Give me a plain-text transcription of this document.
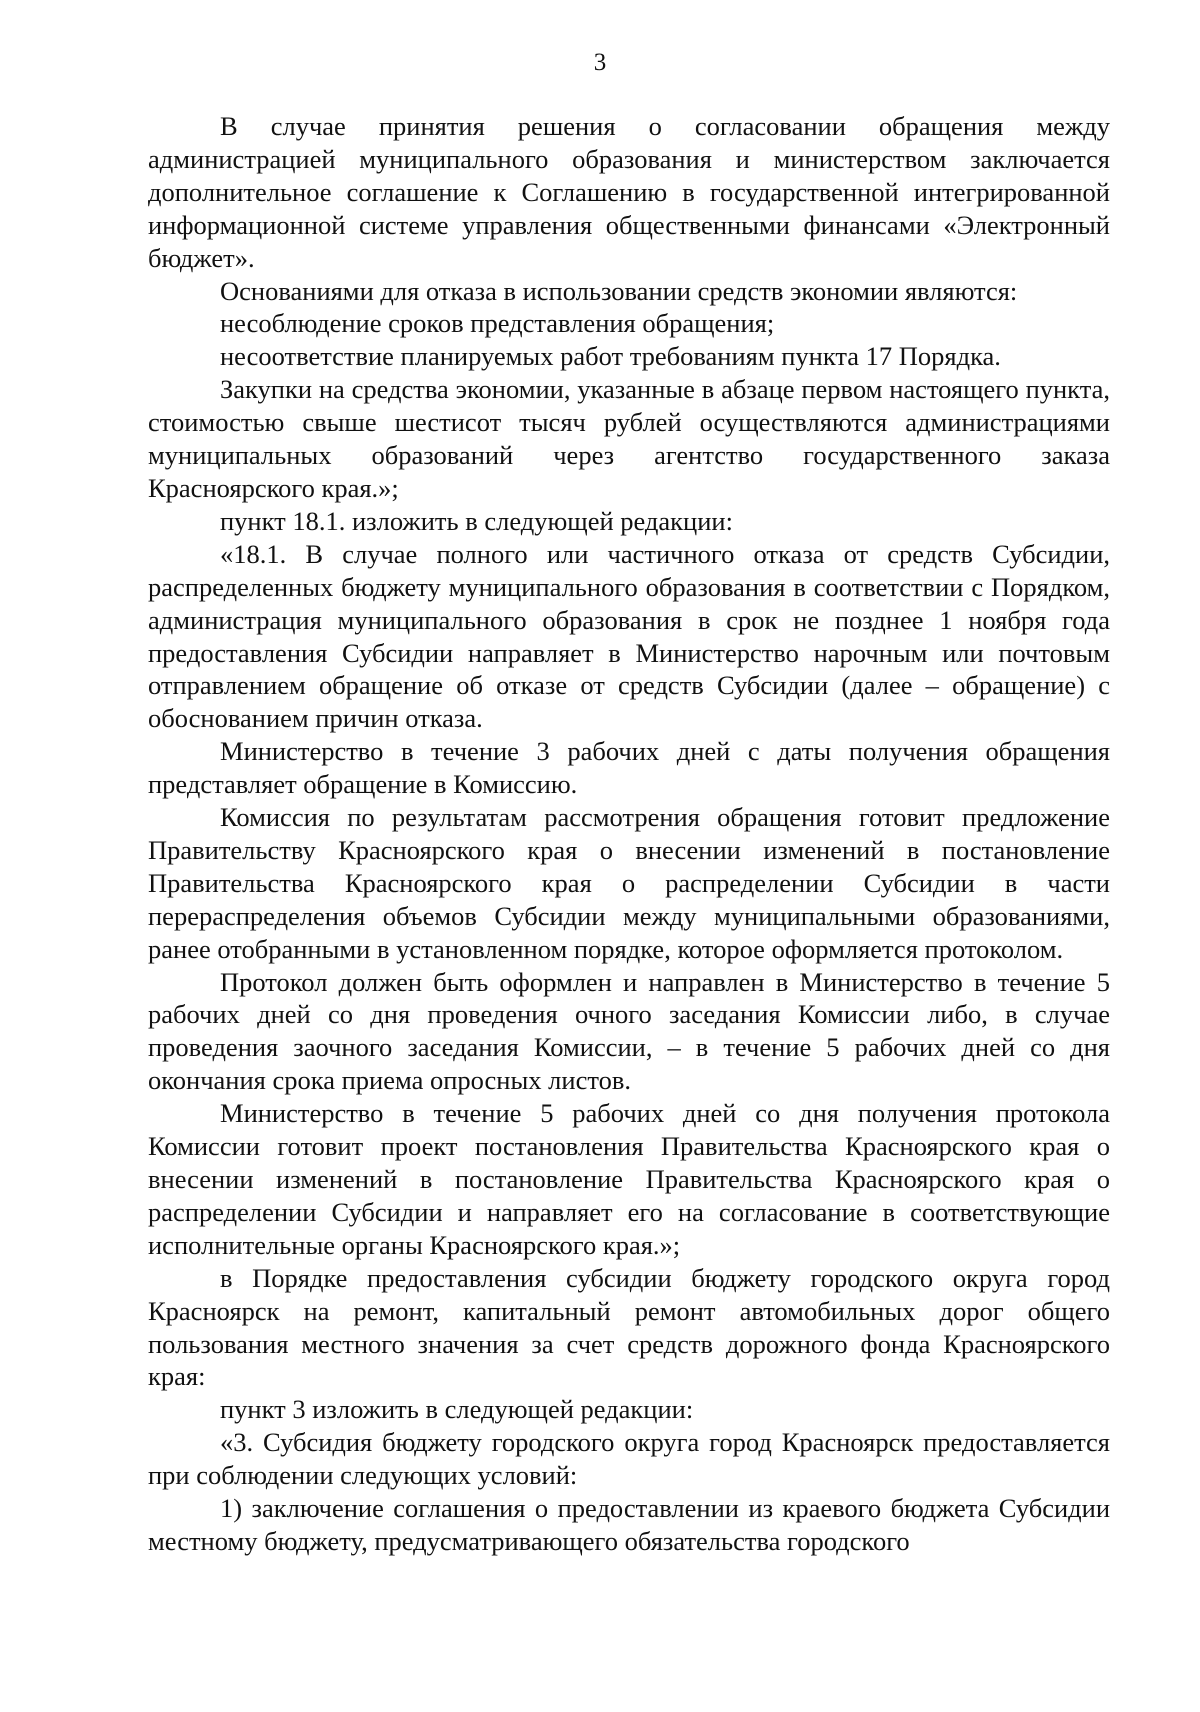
3

В случае принятия решения о согласовании обращения между администрацией муниципального образования и министерством заключается дополнительное соглашение к Соглашению в государственной интегрированной информационной системе управления общественными финансами «Электронный бюджет».

Основаниями для отказа в использовании средств экономии являются:

несоблюдение сроков представления обращения;

несоответствие планируемых работ требованиям пункта 17 Порядка.

Закупки на средства экономии, указанные в абзаце первом настоящего пункта, стоимостью свыше шестисот тысяч рублей осуществляются администрациями муниципальных образований через агентство государственного заказа Красноярского края.»;

пункт 18.1. изложить в следующей редакции:

«18.1. В случае полного или частичного отказа от средств Субсидии, распределенных бюджету муниципального образования в соответствии с Порядком, администрация муниципального образования в срок не позднее 1 ноября года предоставления Субсидии направляет в Министерство нарочным или почтовым отправлением обращение об отказе от средств Субсидии (далее – обращение) с обоснованием причин отказа.

Министерство в течение 3 рабочих дней с даты получения обращения представляет обращение в Комиссию.

Комиссия по результатам рассмотрения обращения готовит предложение Правительству Красноярского края о внесении изменений в постановление Правительства Красноярского края о распределении Субсидии в части перераспределения объемов Субсидии между муниципальными образованиями, ранее отобранными в установленном порядке, которое оформляется протоколом.

Протокол должен быть оформлен и направлен в Министерство в течение 5 рабочих дней со дня проведения очного заседания Комиссии либо, в случае проведения заочного заседания Комиссии, – в течение 5 рабочих дней со дня окончания срока приема опросных листов.

Министерство в течение 5 рабочих дней со дня получения протокола Комиссии готовит проект постановления Правительства Красноярского края о внесении изменений в постановление Правительства Красноярского края о распределении Субсидии и направляет его на согласование в соответствующие исполнительные органы Красноярского края.»;

в Порядке предоставления субсидии бюджету городского округа город Красноярск на ремонт, капитальный ремонт автомобильных дорог общего пользования местного значения за счет средств дорожного фонда Красноярского края:

пункт 3 изложить в следующей редакции:

«3. Субсидия бюджету городского округа город Красноярск предоставляется при соблюдении следующих условий:

1) заключение соглашения о предоставлении из краевого бюджета Субсидии местному бюджету, предусматривающего обязательства городского
